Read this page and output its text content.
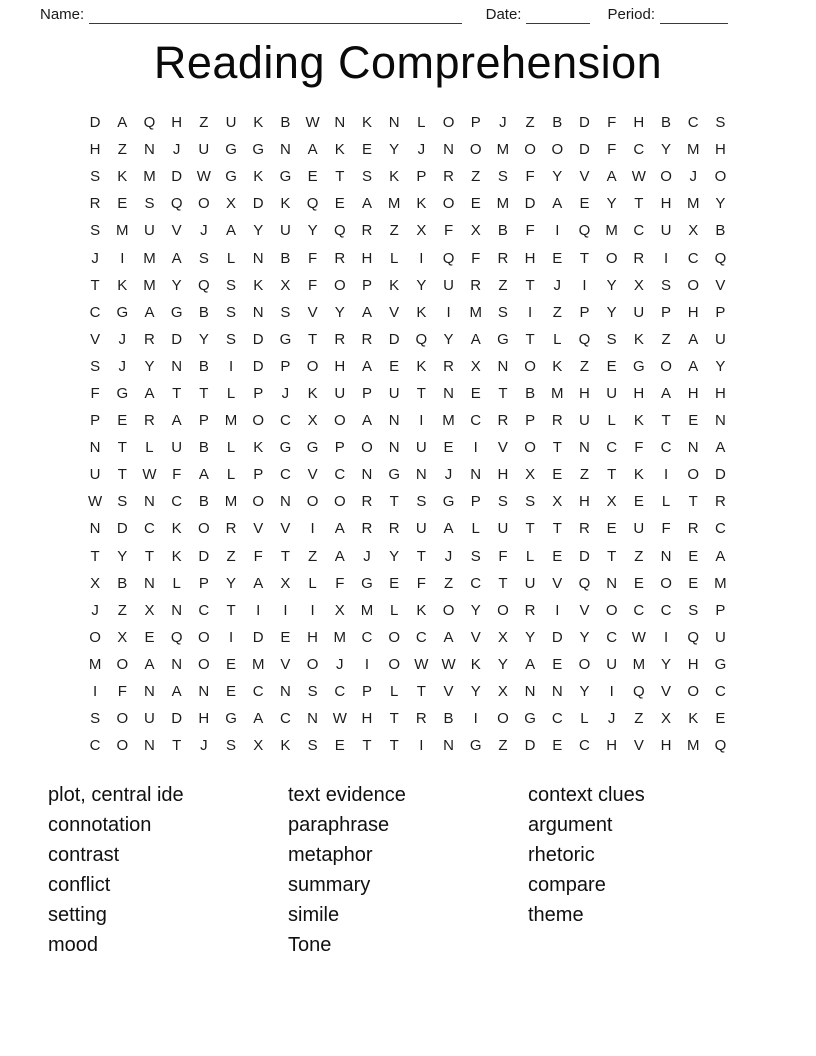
Name:	Date:	Period:
Reading Comprehension
D	A	Q	H	Z	U	K	B	W N	K	N	L	O	P	J	Z	B	D	F	H	B	C	S
H	Z	N	J	U	G	G	N	A	K	E	Y	J	N	O	M	O	O	D	F	C	Y	M	H
S	K	M	D W G	K	G	E	T	S	K	P	R	Z	S	F	Y	V	A	W O	J	O
R	E	S	Q	O	X	D	K	Q	E	A	M	K	O	E	M	D	A	E	Y	T	H	M	Y
S	M	U	V	J	A	Y	U	Y	Q	R	Z	X	F	X	B	F	I	Q	M	C	U	X	B
J	I	M	A	S	L	N	B	F	R	H	L	I	Q	F	R	H	E	T	O	R	I	C	Q
T	K	M	Y	Q	S	K	X	F	O	P	K	Y	U	R	Z	T	J	I	Y	X	S	O	V
C	G	A	G	B	S	N	S	V	Y	A	V	K	I	M	S	I	Z	P	Y	U	P	H	P
V	J	R	D	Y	S	D	G	T	R	R	D	Q	Y	A	G	T	L	Q	S	K	Z	A	U
S	J	Y	N	B	I	D	P	O	H	A	E	K	R	X	N	O	K	Z	E	G	O	A	Y
F	G	A	T	T	L	P	J	K	U	P	U	T	N	E	T	B	M	H	U	H	A	H	H
P	E	R	A	P	M	O	C	X	O	A	N	I	M	C	R	P	R	U	L	K	T	E	N
N	T	L	U	B	L	K	G	G	P	O	N	U	E	I	V	O	T	N	C	F	C	N	A
U	T	W	F	A	L	P	C	V	C	N	G	N	J	N	H	X	E	Z	T	K	I	O	D
W	S	N	C	B	M	O	N	O	O	R	T	S	G	P	S	S	X	H	X	E	L	T	R
N	D	C	K	O	R	V	V	I	A	R	R	U	A	L	U	T	T	R	E	U	F	R	C
T	Y	T	K	D	Z	F	T	Z	A	J	Y	T	J	S	F	L	E	D	T	Z	N	E	A
X	B	N	L	P	Y	A	X	L	F	G	E	F	Z	C	T	U	V	Q	N	E	O	E	M
J	Z	X	N	C	T	I	I	I	X	M	L	K	O	Y	O	R	I	V	O	C	C	S	P
O	X	E	Q	O	I	D	E	H	M	C	O	C	A	V	X	Y	D	Y	C W	I	Q	U
M	O	A	N	O	E	M	V	O	J	I	O W W	K	Y	A	E	O	U	M	Y	H	G
I	F	N	A	N	E	C	N	S	C	P	L	T	V	Y	X	N	N	Y	I	Q	V	O	C
S	O	U	D	H	G	A	C	N W H	T	R	B	I	O	G	C	L	J	Z	X	K	E
C	O	N	T	J	S	X	K	S	E	T	T	I	N	G	Z	D	E	C	H	V	H	M	Q
plot, central ide
connotation
contrast
conflict
setting
mood
text evidence
paraphrase
metaphor
summary
simile
Tone
context clues
argument
rhetoric
compare
theme
